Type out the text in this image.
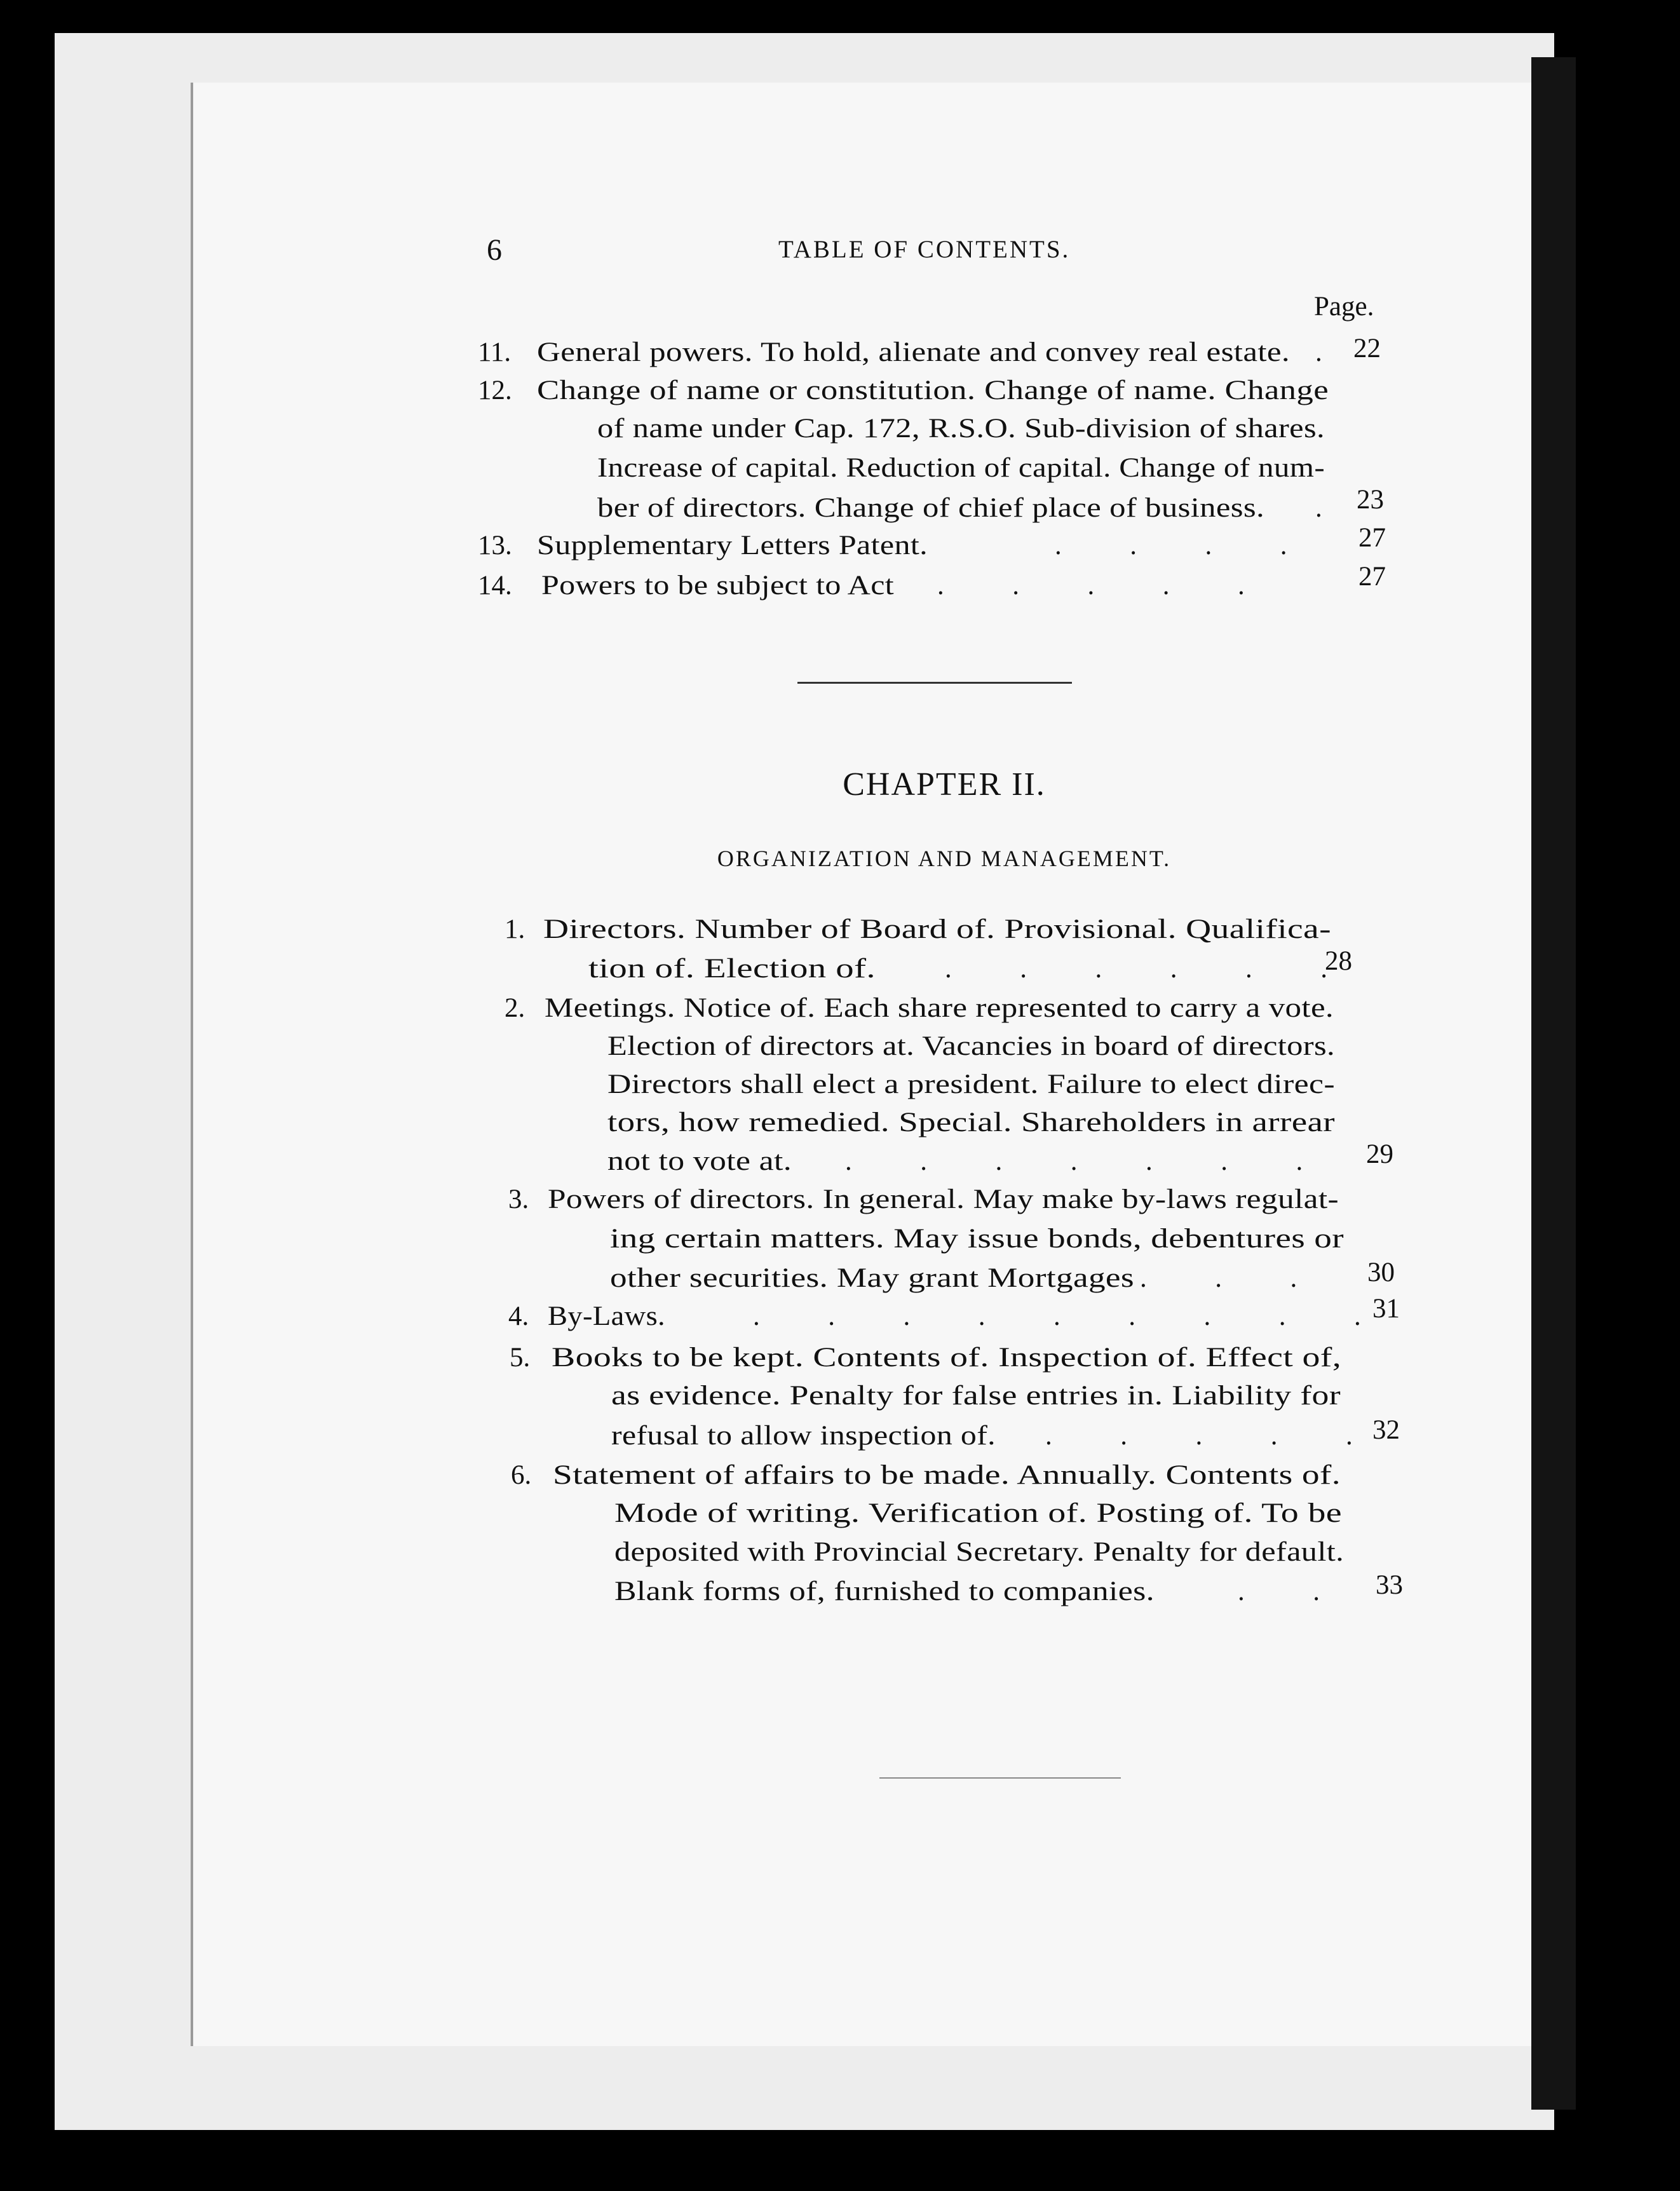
6	TABLE OF CONTENTS.
Page.
11. General powers. To hold, alienate and convey real estate. . 22
12. Change of name or constitution. Change of name. Change
of name under Cap. 172, R.S.O. Sub-division of shares.
Increase of capital. Reduction of capital. Change of num-
ber of directors. Change of chief place of business. . 23
13. Supplementary Letters Patent.	.          .          .          .	27
14. Powers to be subject to Act .          .          .          .          .	27
CHAPTER II.
ORGANIZATION AND MANAGEMENT.
1. Directors. Number of Board of. Provisional. Qualifica-
tion of. Election of.	.          .          .          .          .          .
28
2. Meetings. Notice of. Each share represented to carry a vote.
Election of directors at. Vacancies in board of directors.
Directors shall elect a president. Failure to elect direc-
tors, how remedied. Special. Shareholders in arrear
not to vote at. .          .          .          .          .          .          . 29
3. Powers of directors. In general. May make by-laws regulat-
ing certain matters. May issue bonds, debentures or
other securities. May grant Mortgages .          .          .	30
4. By-Laws.	.          .          .          .          .          .          .          .          . 31
5. Books to be kept. Contents of. Inspection of. Effect of,
as evidence. Penalty for false entries in. Liability for
refusal to allow inspection of. .          .          .          .          . 32
6. Statement of affairs to be made. Annually. Contents of.
Mode of writing. Verification of. Posting of. To be
deposited with Provincial Secretary. Penalty for default.
Blank forms of, furnished to companies.	.          . 33
